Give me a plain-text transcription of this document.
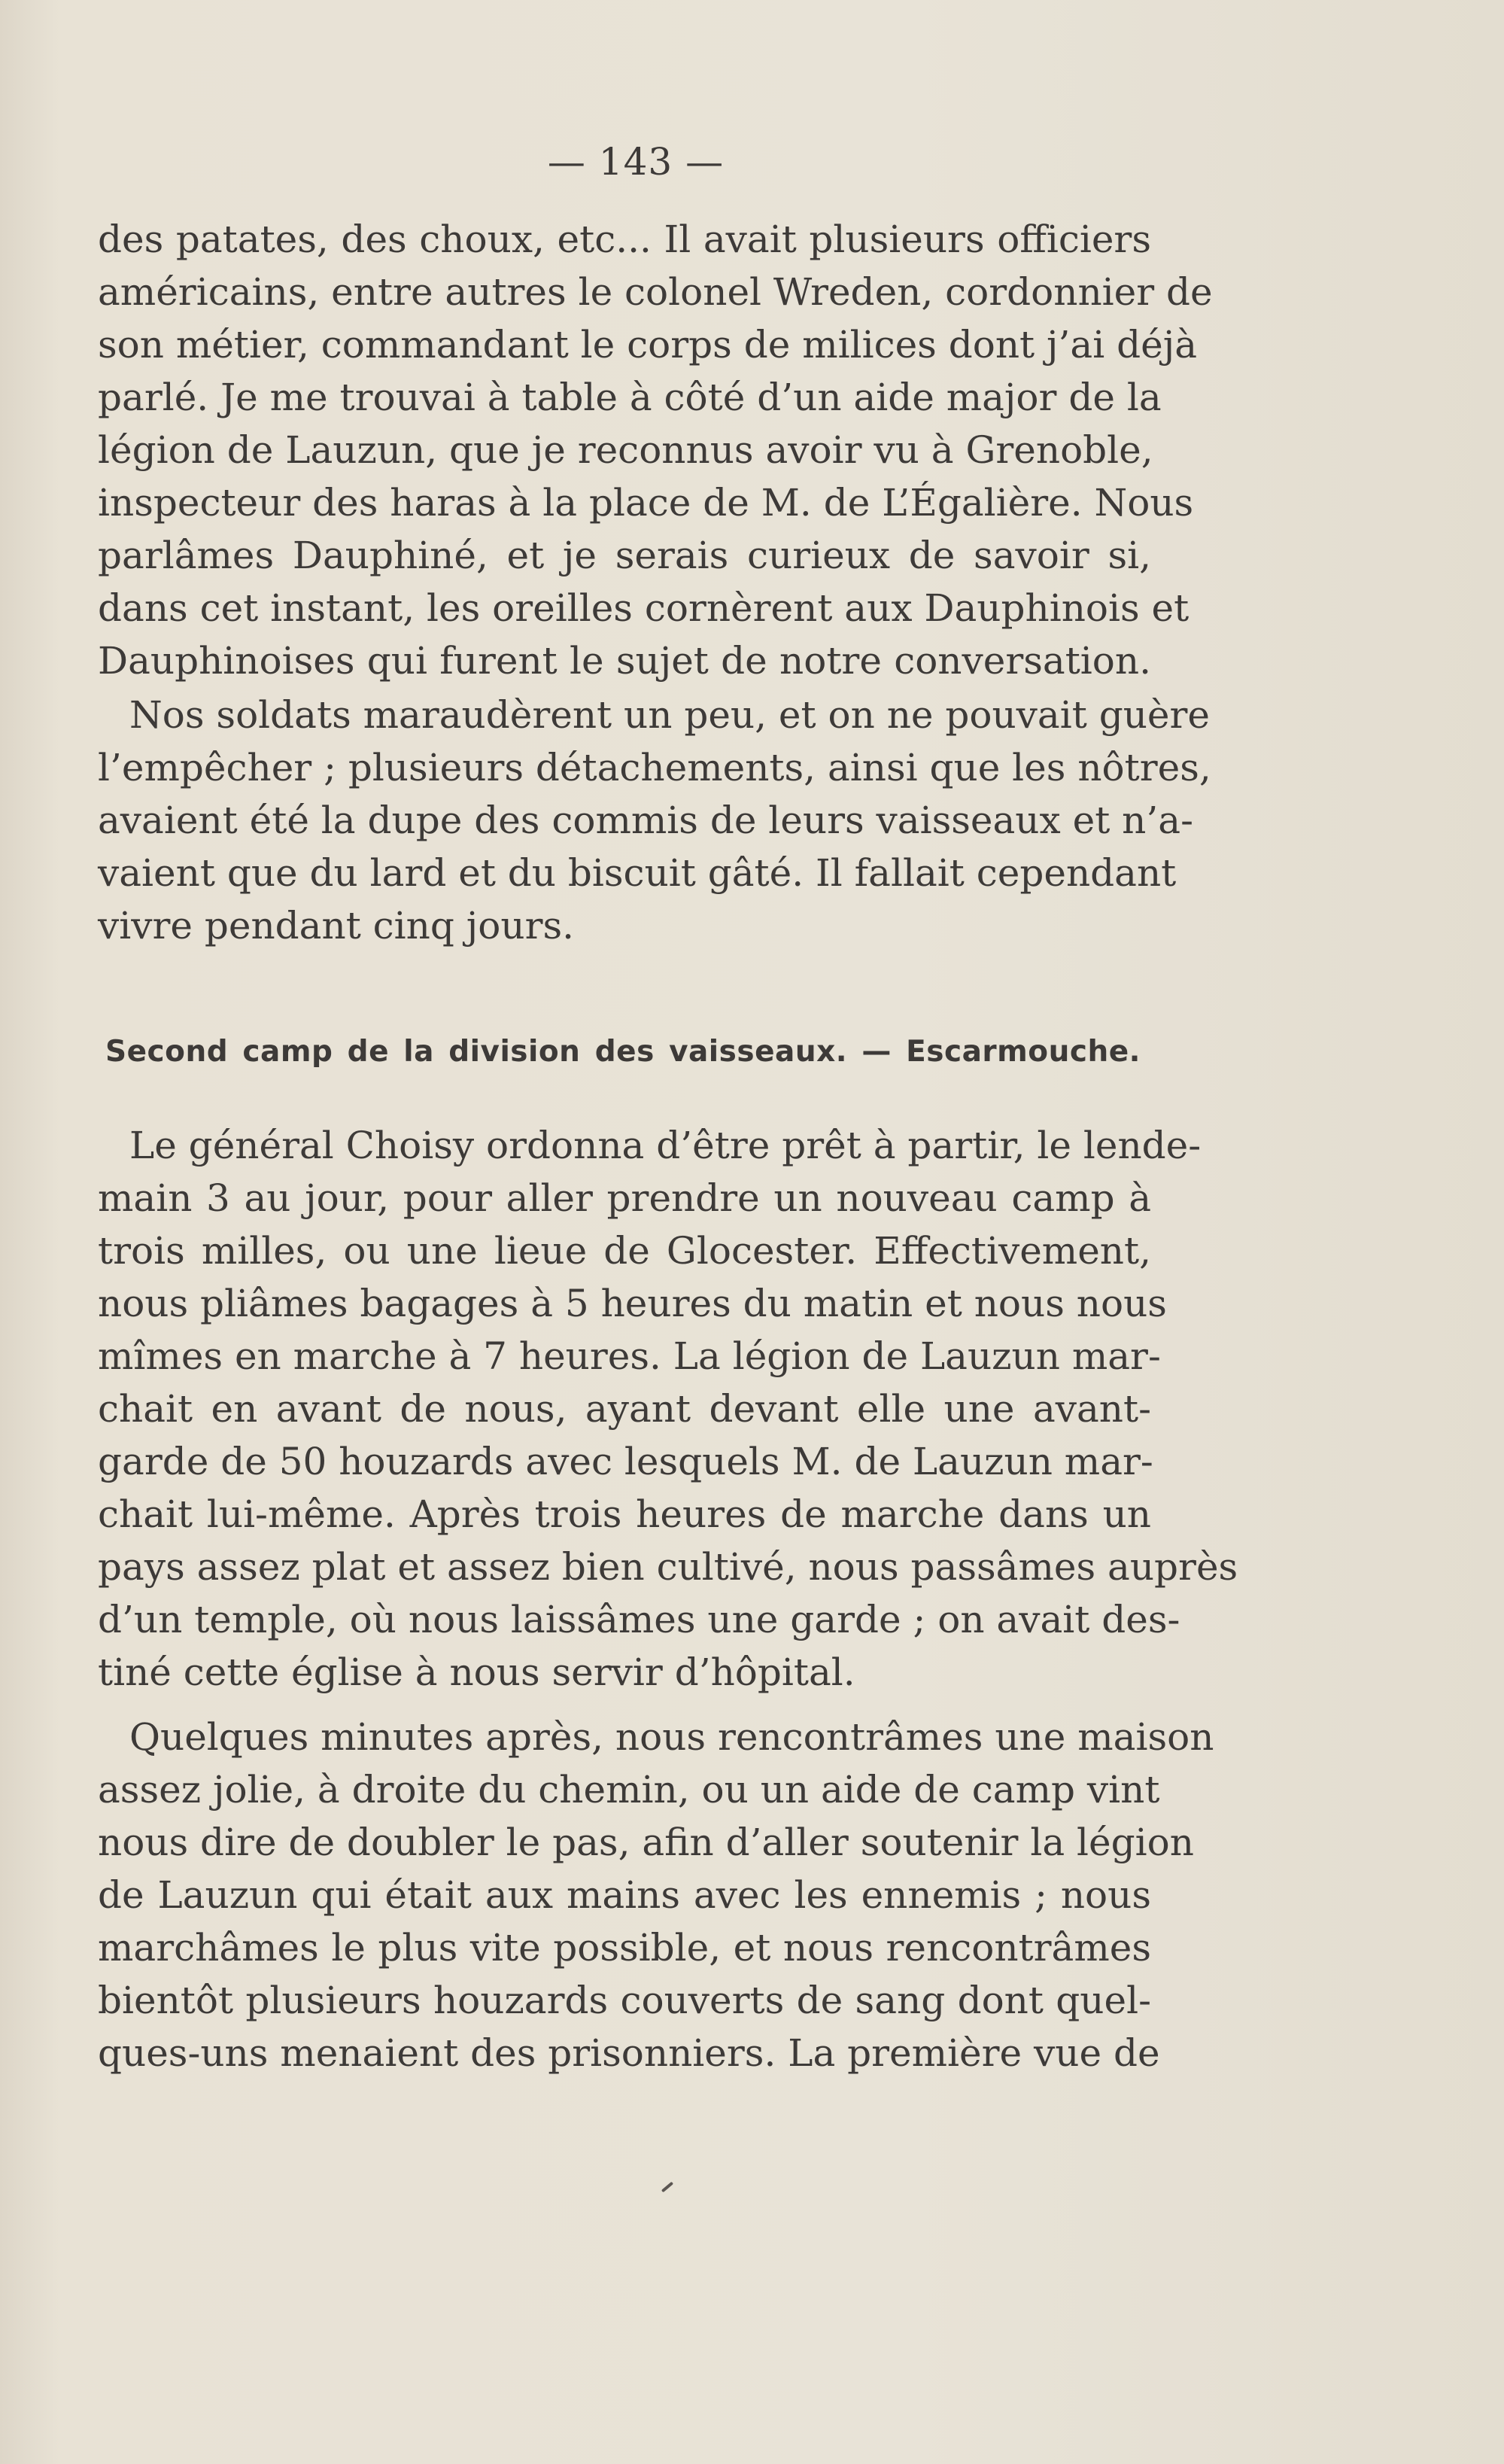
— 143 —
des patates, des choux, etc... Il avait plusieurs officiers
américains, entre autres le colonel Wreden, cordonnier de
son métier, commandant le corps de milices dont j’ai déjà
parlé. Je me trouvai à table à côté d’un aide major de la
légion de Lauzun, que je reconnus avoir vu à Grenoble,
inspecteur des haras à la place de M. de L’Égalière. Nous
parlâmes Dauphiné, et je serais curieux de savoir si,
dans cet instant, les oreilles cornèrent aux Dauphinois et
Dauphinoises qui furent le sujet de notre conversation.
Nos soldats maraudèrent un peu, et on ne pouvait guère
l’empêcher ; plusieurs détachements, ainsi que les nôtres,
avaient été la dupe des commis de leurs vaisseaux et n’a-
vaient que du lard et du biscuit gâté. Il fallait cependant
vivre pendant cinq jours.
Second camp de la division des vaisseaux. — Escarmouche.
Le général Choisy ordonna d’être prêt à partir, le lende-
main 3 au jour, pour aller prendre un nouveau camp à
trois milles, ou une lieue de Glocester. Effectivement,
nous pliâmes bagages à 5 heures du matin et nous nous
mîmes en marche à 7 heures. La légion de Lauzun mar-
chait en avant de nous, ayant devant elle une avant-
garde de 50 houzards avec lesquels M. de Lauzun mar-
chait lui-même. Après trois heures de marche dans un
pays assez plat et assez bien cultivé, nous passâmes auprès
d’un temple, où nous laissâmes une garde ; on avait des-
tiné cette église à nous servir d’hôpital.
Quelques minutes après, nous rencontrâmes une maison
assez jolie, à droite du chemin, ou un aide de camp vint
nous dire de doubler le pas, afin d’aller soutenir la légion
de Lauzun qui était aux mains avec les ennemis ; nous
marchâmes le plus vite possible, et nous rencontrâmes
bientôt plusieurs houzards couverts de sang dont quel-
ques-uns menaient des prisonniers. La première vue de
